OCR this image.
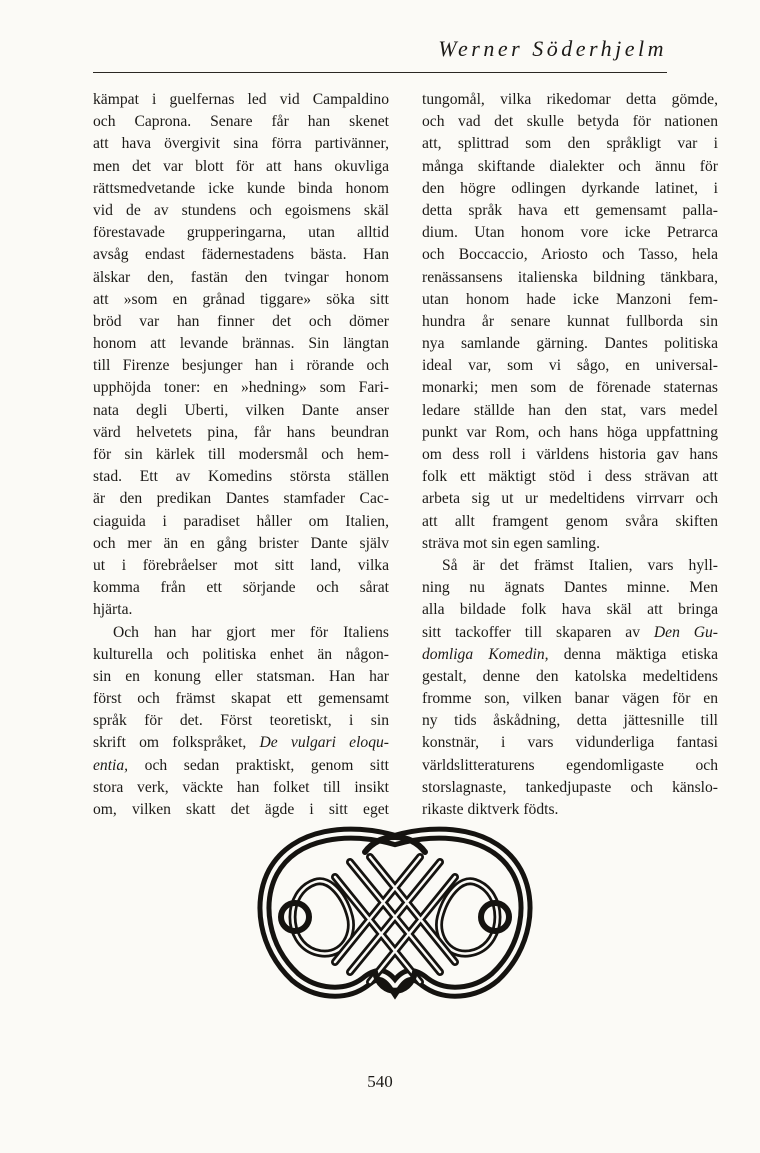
Werner Söderhjelm
kämpat i guelfernas led vid Campaldino
och Caprona. Senare får han skenet
att hava övergivit sina förra partivänner,
men det var blott för att hans okuvliga
rättsmedvetande icke kunde binda honom
vid de av stundens och egoismens skäl
förestavade grupperingarna, utan alltid
avsåg endast fädernestadens bästa. Han
älskar den, fastän den tvingar honom
att »som en grånad tiggare» söka sitt
bröd var han finner det och dömer
honom att levande brännas. Sin längtan
till Firenze besjunger han i rörande och
upphöjda toner: en »hedning» som Fari-
nata degli Uberti, vilken Dante anser
värd helvetets pina, får hans beundran
för sin kärlek till modersmål och hem-
stad. Ett av Komedins största ställen
är den predikan Dantes stamfader Cac-
ciaguida i paradiset håller om Italien,
och mer än en gång brister Dante själv
ut i förebråelser mot sitt land, vilka
komma från ett sörjande och sårat
hjärta.
Och han har gjort mer för Italiens
kulturella och politiska enhet än någon-
sin en konung eller statsman. Han har
först och främst skapat ett gemensamt
språk för det. Först teoretiskt, i sin
skrift om folkspråket, De vulgari eloqu-
entia, och sedan praktiskt, genom sitt
stora verk, väckte han folket till insikt
om, vilken skatt det ägde i sitt eget
tungomål, vilka rikedomar detta gömde,
och vad det skulle betyda för nationen
att, splittrad som den språkligt var i
många skiftande dialekter och ännu för
den högre odlingen dyrkande latinet, i
detta språk hava ett gemensamt palla-
dium. Utan honom vore icke Petrarca
och Boccaccio, Ariosto och Tasso, hela
renässansens italienska bildning tänkbara,
utan honom hade icke Manzoni fem-
hundra år senare kunnat fullborda sin
nya samlande gärning. Dantes politiska
ideal var, som vi sågo, en universal-
monarki; men som de förenade staternas
ledare ställde han den stat, vars medel
punkt var Rom, och hans höga uppfattning
om dess roll i världens historia gav hans
folk ett mäktigt stöd i dess strävan att
arbeta sig ut ur medeltidens virrvarr och
att allt framgent genom svåra skiften
sträva mot sin egen samling.
Så är det främst Italien, vars hyll-
ning nu ägnats Dantes minne. Men
alla bildade folk hava skäl att bringa
sitt tackoffer till skaparen av Den Gu-
domliga Komedin, denna mäktiga etiska
gestalt, denne den katolska medeltidens
fromme son, vilken banar vägen för en
ny tids åskådning, detta jättesnille till
konstnär, i vars vidunderliga fantasi
världslitteraturens egendomligaste och
storslagnaste, tankedjupaste och känslo-
rikaste diktverk födts.
540
